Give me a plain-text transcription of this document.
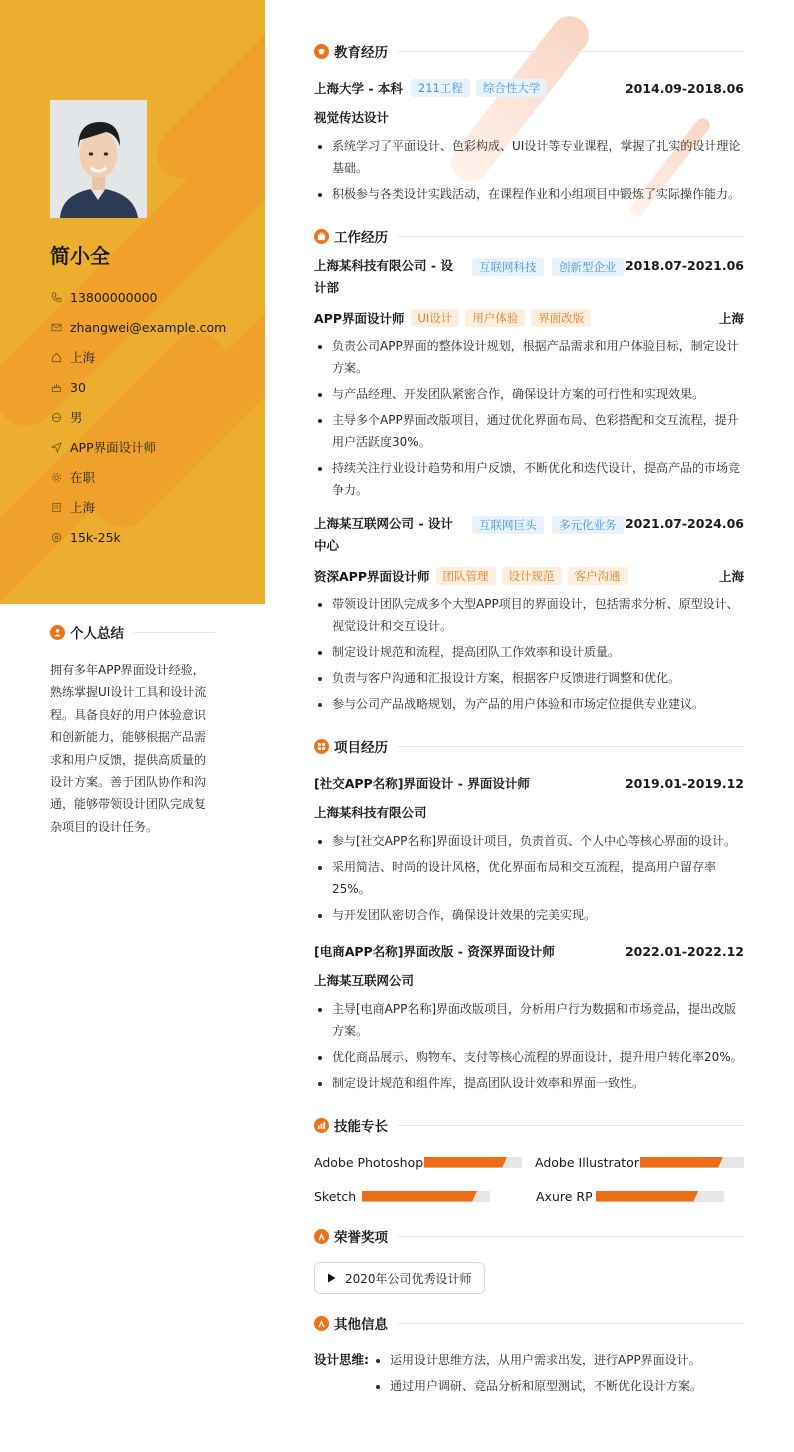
简小全
13800000000
zhangwei@example.com
上海
30
男
APP界面设计师
在职
上海
15k-25k
个人总结

拥有多年APP界面设计经验，熟练掌握UI设计工具和设计流程。具备良好的用户体验意识和创新能力，能够根据产品需求和用户反馈，提供高质量的设计方案。善于团队协作和沟通，能够带领设计团队完成复杂项目的设计任务。

教育经历
上海大学 - 本科	211工程	综合性大学	2014.09-2018.06
视觉传达设计
• 系统学习了平面设计、色彩构成、UI设计等专业课程，掌握了扎实的设计理论基础。
• 积极参与各类设计实践活动，在课程作业和小组项目中锻炼了实际操作能力。
工作经历
上海某科技有限公司 - 设计部
互联网科技	创新型企业 2018.07-2021.06
APP界面设计师	UI设计	用户体验	界面改版	上海
• 负责公司APP界面的整体设计规划，根据产品需求和用户体验目标，制定设计方案。
• 与产品经理、开发团队紧密合作，确保设计方案的可行性和实现效果。
• 主导多个APP界面改版项目，通过优化界面布局、色彩搭配和交互流程，提升用户活跃度30%。
• 持续关注行业设计趋势和用户反馈，不断优化和迭代设计，提高产品的市场竞争力。
上海某互联网公司 - 设计中心
互联网巨头	多元化业务 2021.07-2024.06
资深APP界面设计师	团队管理	设计规范	客户沟通	上海
• 带领设计团队完成多个大型APP项目的界面设计，包括需求分析、原型设计、视觉设计和交互设计。
• 制定设计规范和流程，提高团队工作效率和设计质量。
• 负责与客户沟通和汇报设计方案，根据客户反馈进行调整和优化。
• 参与公司产品战略规划，为产品的用户体验和市场定位提供专业建议。
项目经历
[社交APP名称]界面设计 - 界面设计师	2019.01-2019.12
上海某科技有限公司
• 参与[社交APP名称]界面设计项目，负责首页、个人中心等核心界面的设计。
• 采用简洁、时尚的设计风格，优化界面布局和交互流程，提高用户留存率25%。
• 与开发团队密切合作，确保设计效果的完美实现。
[电商APP名称]界面改版 - 资深界面设计师	2022.01-2022.12
上海某互联网公司
• 主导[电商APP名称]界面改版项目，分析用户行为数据和市场竞品，提出改版方案。
• 优化商品展示、购物车、支付等核心流程的界面设计，提升用户转化率20%。
• 制定设计规范和组件库，提高团队设计效率和界面一致性。
技能专长
Adobe Photoshop	Adobe Illustrator
Sketch	Axure RP
荣誉奖项
2020年公司优秀设计师
其他信息
设计思维:
• 运用设计思维方法，从用户需求出发，进行APP界面设计。
• 通过用户调研、竞品分析和原型测试，不断优化设计方案。
